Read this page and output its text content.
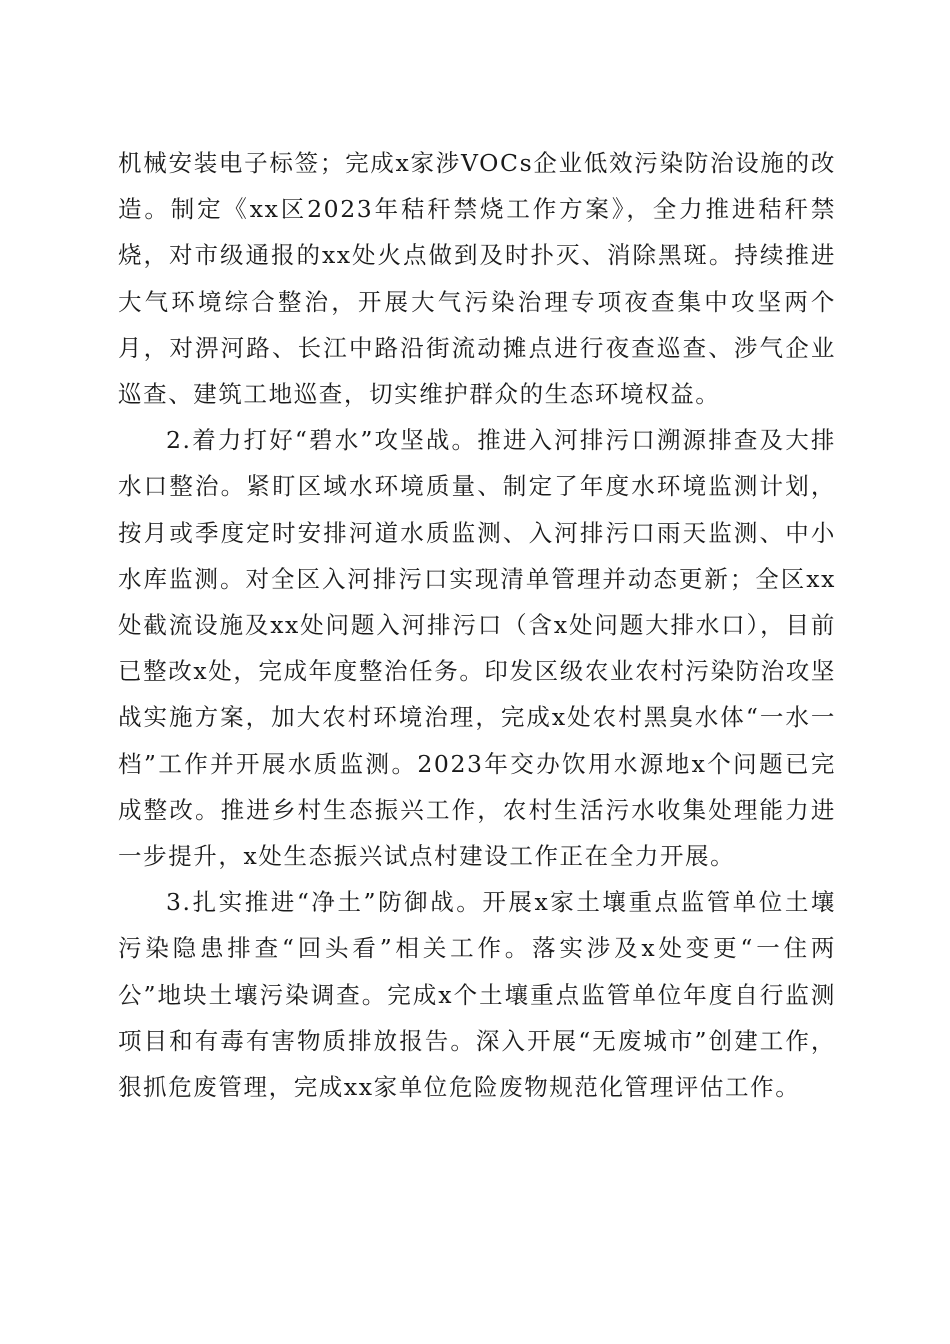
机械安装电子标签；完成x家涉VOCs企业低效污染防治设施的改造。制定《xx区2023年秸秆禁烧工作方案》，全力推进秸秆禁烧，对市级通报的xx处火点做到及时扑灭、消除黑斑。持续推进大气环境综合整治，开展大气污染治理专项夜查集中攻坚两个月，对淠河路、长江中路沿街流动摊点进行夜查巡查、涉气企业巡查、建筑工地巡查，切实维护群众的生态环境权益。

2.着力打好“碧水”攻坚战。推进入河排污口溯源排查及大排水口整治。紧盯区域水环境质量、制定了年度水环境监测计划，按月或季度定时安排河道水质监测、入河排污口雨天监测、中小水库监测。对全区入河排污口实现清单管理并动态更新；全区xx处截流设施及xx处问题入河排污口（含x处问题大排水口），目前已整改x处，完成年度整治任务。印发区级农业农村污染防治攻坚战实施方案，加大农村环境治理，完成x处农村黑臭水体“一水一档”工作并开展水质监测。2023年交办饮用水源地x个问题已完成整改。推进乡村生态振兴工作，农村生活污水收集处理能力进一步提升，x处生态振兴试点村建设工作正在全力开展。

3.扎实推进“净土”防御战。开展x家土壤重点监管单位土壤污染隐患排查“回头看”相关工作。落实涉及x处变更“一住两公”地块土壤污染调查。完成x个土壤重点监管单位年度自行监测项目和有毒有害物质排放报告。深入开展“无废城市”创建工作，狠抓危废管理，完成xx家单位危险废物规范化管理评估工作。
